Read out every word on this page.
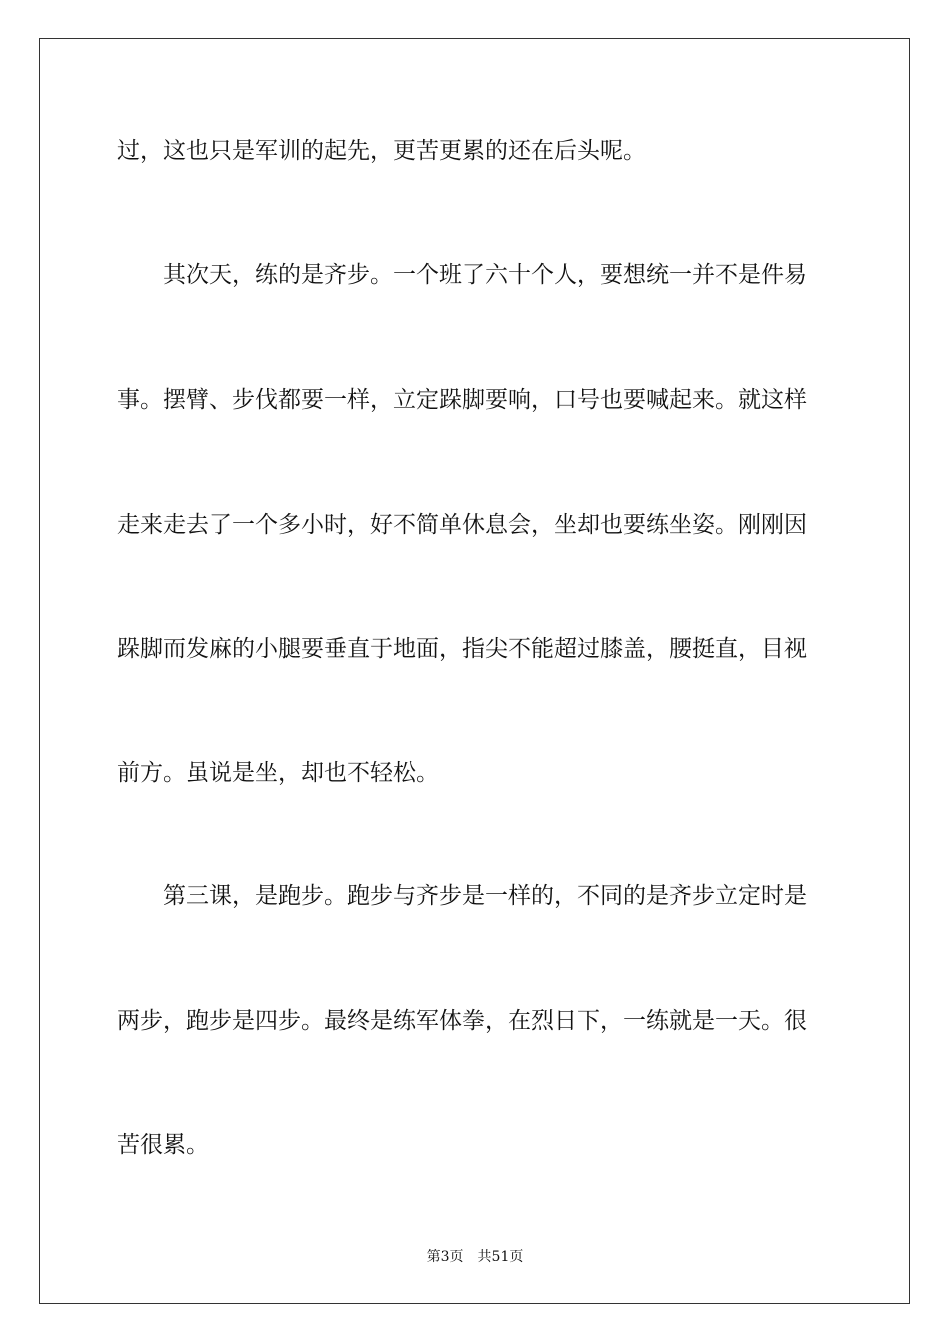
过，这也只是军训的起先，更苦更累的还在后头呢。
其次天，练的是齐步。一个班了六十个人，要想统一并不是件易
事。摆臂、步伐都要一样，立定跺脚要响，口号也要喊起来。就这样
走来走去了一个多小时，好不简单休息会，坐却也要练坐姿。刚刚因
跺脚而发麻的小腿要垂直于地面，指尖不能超过膝盖，腰挺直，目视
前方。虽说是坐，却也不轻松。
第三课，是跑步。跑步与齐步是一样的，不同的是齐步立定时是
两步，跑步是四步。最终是练军体拳，在烈日下，一练就是一天。很
苦很累。
第3页　共51页
